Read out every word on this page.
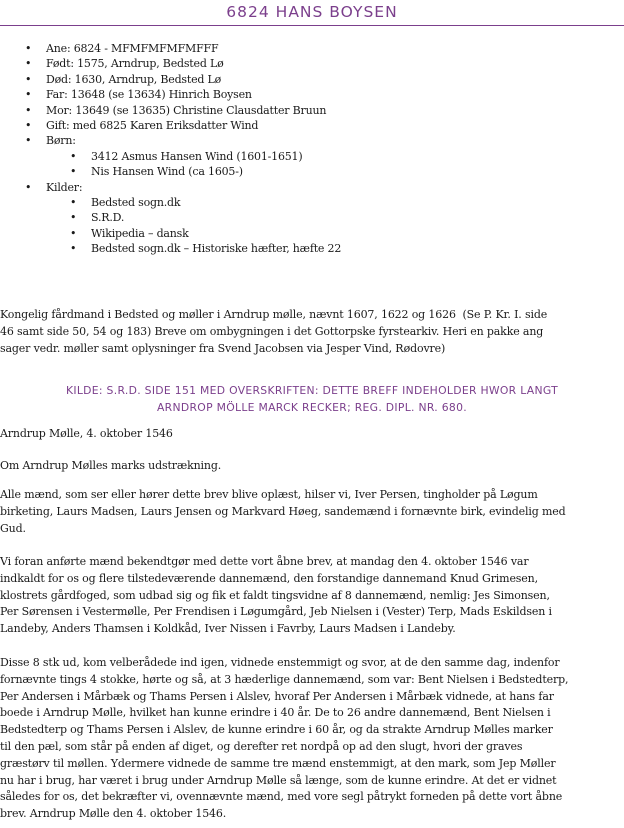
6824 HANS BOYSEN
• Ane: 6824 - MFMFMFMFMFFF
• Født: 1575, Arndrup, Bedsted Lø
• Død: 1630, Arndrup, Bedsted Lø
• Far: 13648 (se 13634) Hinrich Boysen
• Mor: 13649 (se 13635) Christine Clausdatter Bruun
• Gift: med 6825 Karen Eriksdatter Wind
• Børn:
• 3412 Asmus Hansen Wind (1601-1651)
• Nis Hansen Wind (ca 1605-)
• Kilder:
• Bedsted sogn.dk
• S.R.D.
• Wikipedia – dansk
• Bedsted sogn.dk – Historiske hæfter, hæfte 22

Kongelig fårdmand i Bedsted og møller i Arndrup mølle, nævnt 1607, 1622 og 1626  (Se P. Kr. I. side
46 samt side 50, 54 og 183) Breve om ombygningen i det Gottorpske fyrstearkiv. Heri en pakke ang
sager vedr. møller samt oplysninger fra Svend Jacobsen via Jesper Vind, Rødovre)

KILDE: S.R.D. SIDE 151 MED OVERSKRIFTEN: DETTE BREFF INDEHOLDER HWOR LANGT
ARNDROP MÖLLE MARCK RECKER; REG. DIPL. NR. 680.

Arndrup Mølle, 4. oktober 1546

Om Arndrup Mølles marks udstrækning.

Alle mænd, som ser eller hører dette brev blive oplæst, hilser vi, Iver Persen, tingholder på Løgum
birketing, Laurs Madsen, Laurs Jensen og Markvard Høeg, sandemænd i fornævnte birk, evindelig med
Gud.

Vi foran anførte mænd bekendtgør med dette vort åbne brev, at mandag den 4. oktober 1546 var
indkaldt for os og flere tilstedeværende dannemænd, den forstandige dannemand Knud Grimesen,
klostrets gårdfoged, som udbad sig og fik et faldt tingsvidne af 8 dannemænd, nemlig: Jes Simonsen,
Per Sørensen i Vestermølle, Per Frendisen i Løgumgård, Jeb Nielsen i (Vester) Terp, Mads Eskildsen i
Landeby, Anders Thamsen i Koldkåd, Iver Nissen i Favrby, Laurs Madsen i Landeby.

Disse 8 stk ud, kom velberådede ind igen, vidnede enstemmigt og svor, at de den samme dag, indenfor
fornævnte tings 4 stokke, hørte og så, at 3 hæderlige dannemænd, som var: Bent Nielsen i Bedstedterp,
Per Andersen i Mårbæk og Thams Persen i Alslev, hvoraf Per Andersen i Mårbæk vidnede, at hans far
boede i Arndrup Mølle, hvilket han kunne erindre i 40 år. De to 26 andre dannemænd, Bent Nielsen i
Bedstedterp og Thams Persen i Alslev, de kunne erindre i 60 år, og da strakte Arndrup Mølles marker
til den pæl, som står på enden af diget, og derefter ret nordpå op ad den slugt, hvori der graves
græstørv til møllen. Ydermere vidnede de samme tre mænd enstemmigt, at den mark, som Jep Møller
nu har i brug, har været i brug under Arndrup Mølle så længe, som de kunne erindre. At det er vidnet
således for os, det bekræfter vi, ovennævnte mænd, med vore segl påtrykt forneden på dette vort åbne
brev. Arndrup Mølle den 4. oktober 1546.
